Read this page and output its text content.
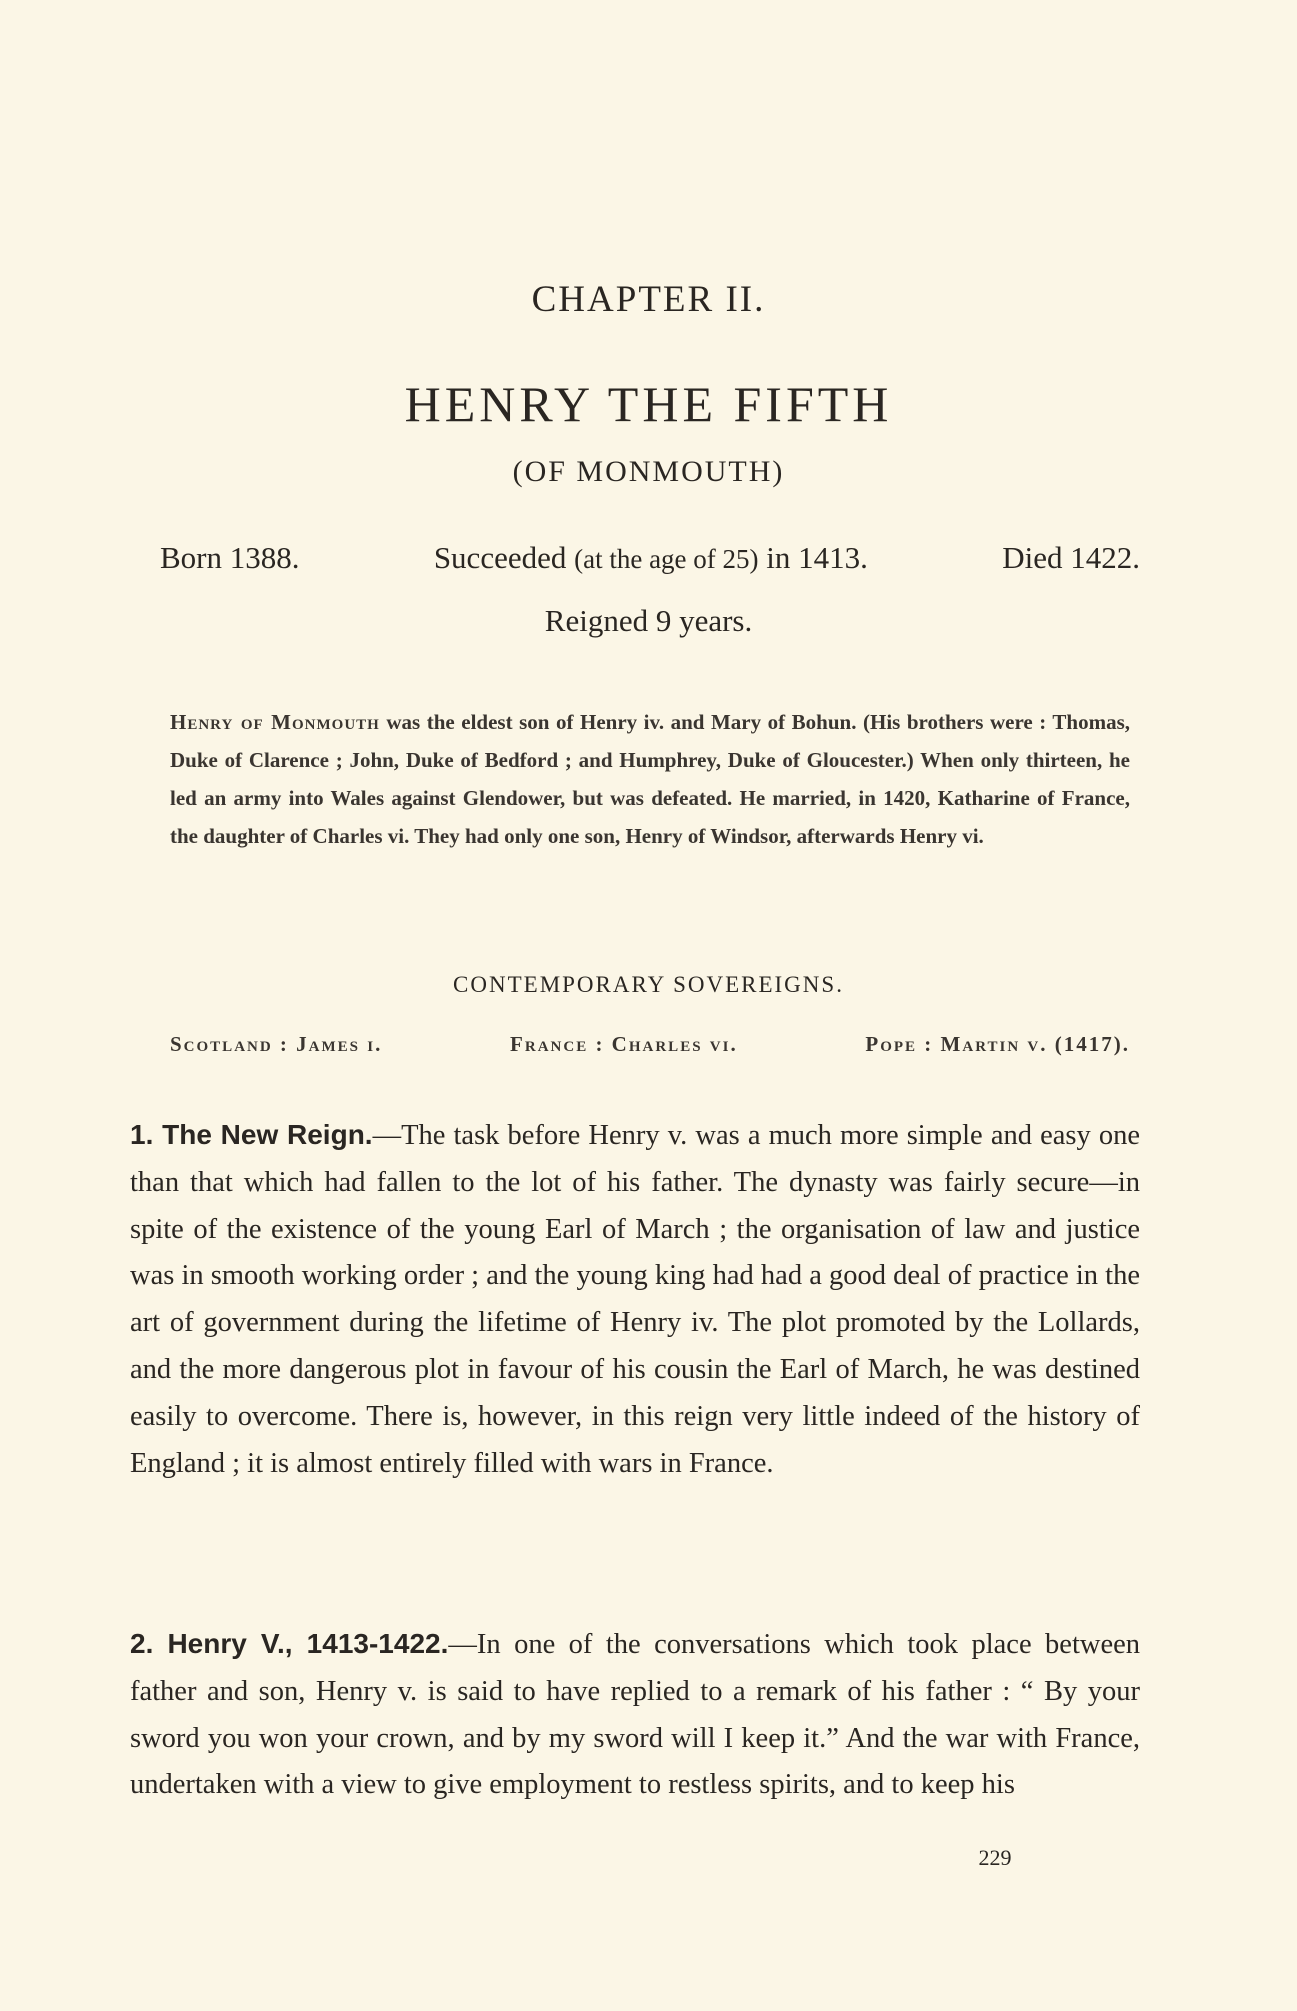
CHAPTER II.
HENRY THE FIFTH

(OF MONMOUTH)

Born 1388.	Succeeded (at the age of 25) in 1413.	Died 1422.

Reigned 9 years.

Henry of Monmouth was the eldest son of Henry iv. and Mary of Bohun. (His brothers were : Thomas, Duke of Clarence ; John, Duke of Bedford ; and Humphrey, Duke of Gloucester.) When only thirteen, he led an army into Wales against Glendower, but was defeated. He married, in 1420, Katharine of France, the daughter of Charles vi. They had only one son, Henry of Windsor, afterwards Henry vi.

CONTEMPORARY SOVEREIGNS.

Scotland : James i.	France : Charles vi.	Pope : Martin v. (1417).

1. The New Reign.—The task before Henry v. was a much more simple and easy one than that which had fallen to the lot of his father. The dynasty was fairly secure—in spite of the existence of the young Earl of March ; the organisation of law and justice was in smooth working order ; and the young king had had a good deal of practice in the art of government during the lifetime of Henry iv. The plot promoted by the Lollards, and the more dangerous plot in favour of his cousin the Earl of March, he was destined easily to overcome. There is, however, in this reign very little indeed of the history of England ; it is almost entirely filled with wars in France.

2. Henry V., 1413-1422.—In one of the conversations which took place between father and son, Henry v. is said to have replied to a remark of his father : “ By your sword you won your crown, and by my sword will I keep it.” And the war with France, undertaken with a view to give employment to restless spirits, and to keep his

229
